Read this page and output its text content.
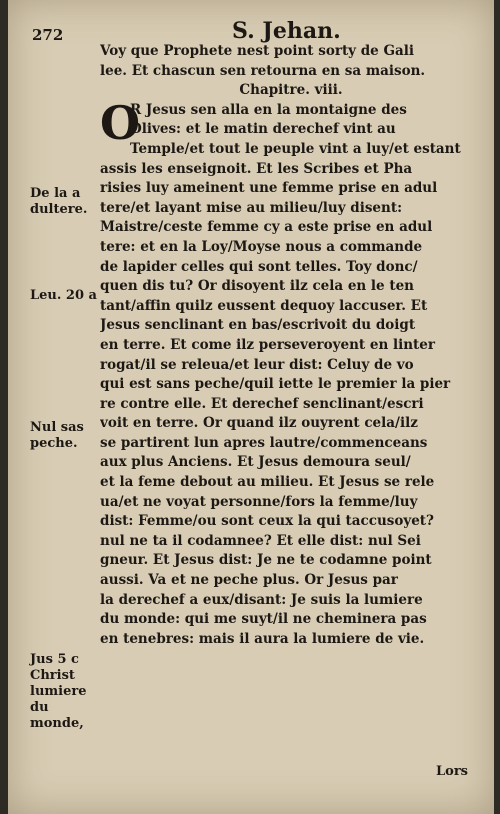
272	S. Jehan.
Voy que Prophete nest point sorty de Gali
lee. Et chascun sen retourna en sa maison.
Chapitre. viii.
O
R Jesus sen alla en la montaigne des
Olives: et le matin derechef vint au
Temple/et tout le peuple vint a luy/et estant
assis les enseignoit. Et les Scribes et Pha
risies luy ameinent une femme prise en adul
tere/et layant mise au milieu/luy disent:
Maistre/ceste femme cy a este prise en adul
tere: et en la Loy/Moyse nous a commande
de lapider celles qui sont telles. Toy donc/
quen dis tu? Or disoyent ilz cela en le ten
tant/affin quilz eussent dequoy laccuser. Et
Jesus senclinant en bas/escrivoit du doigt
en terre. Et come ilz perseveroyent en linter
rogat/il se releua/et leur dist: Celuy de vo
qui est sans peche/quil iette le premier la pier
re contre elle. Et derechef senclinant/escri
voit en terre. Or quand ilz ouyrent cela/ilz
se partirent lun apres lautre/commenceans
aux plus Anciens. Et Jesus demoura seul/
et la feme debout au milieu. Et Jesus se rele
ua/et ne voyat personne/fors la femme/luy
dist: Femme/ou sont ceux la qui taccusoyet?
nul ne ta il codamnee? Et elle dist: nul Sei
gneur. Et Jesus dist: Je ne te codamne point
aussi. Va et ne peche plus. Or Jesus par
la derechef a eux/disant: Je suis la lumiere
du monde: qui me suyt/il ne cheminera pas
en tenebres: mais il aura la lumiere de vie.
De la a dultere.
Leu. 20 a
Nul sas peche.
Jus 5 c Christ lumiere du monde,
Lors
